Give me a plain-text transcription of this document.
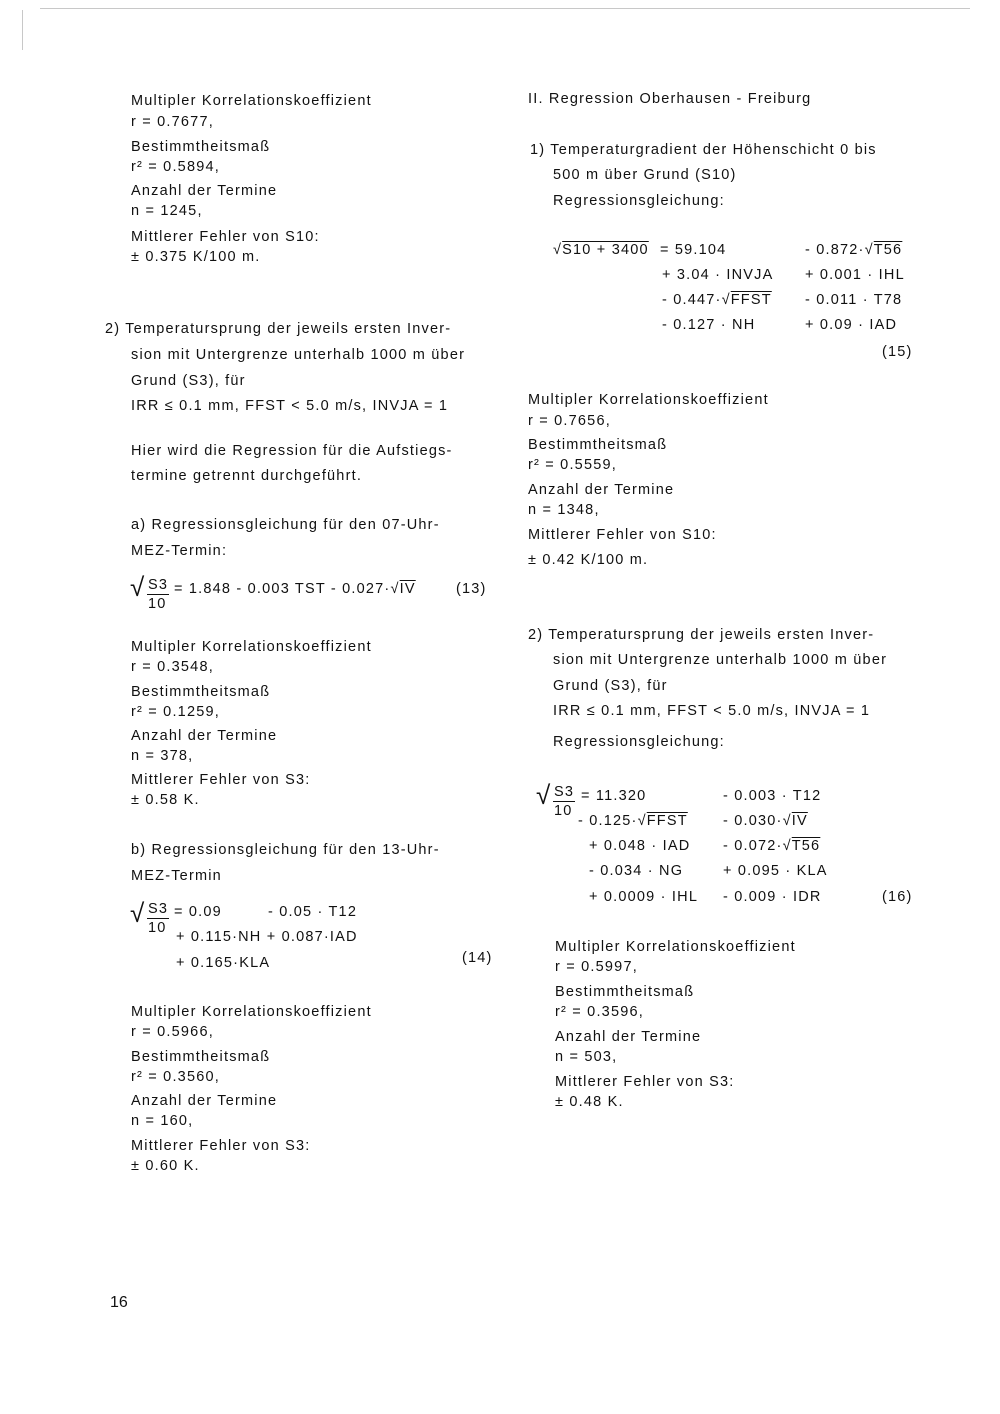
Multipler Korrelationskoeffizient
r = 0.7677,
Bestimmtheitsmaß
r² = 0.5894,
Anzahl der Termine
n = 1245,
Mittlerer Fehler von S10:
± 0.375 K/100 m.
2) Temperatursprung der jeweils ersten Inver-
sion mit Untergrenze unterhalb 1000 m über
Grund (S3), für
IRR ≤ 0.1 mm, FFST < 5.0 m/s, INVJA = 1
Hier wird die Regression für die Aufstiegs-
termine getrennt durchgeführt.
a) Regressionsgleichung für den 07-Uhr-
MEZ-Termin:
√
$\frac{S3}{10}$
= 1.848 - 0.003 TST - 0.027·√IV	(13)
Multipler Korrelationskoeffizient
r = 0.3548,
Bestimmtheitsmaß
r² = 0.1259,
Anzahl der Termine
n = 378,
Mittlerer Fehler von S3:
± 0.58 K.
b) Regressionsgleichung für den 13-Uhr-
MEZ-Termin
√
$\frac{S3}{10}$
= 0.09	- 0.05 · T12
+ 0.115·NH + 0.087·IAD
+ 0.165·KLA	(14)
Multipler Korrelationskoeffizient
r = 0.5966,
Bestimmtheitsmaß
r² = 0.3560,
Anzahl der Termine
n = 160,
Mittlerer Fehler von S3:
± 0.60 K.
16
II. Regression Oberhausen - Freiburg
1) Temperaturgradient der Höhenschicht 0 bis
500 m über Grund (S10)
Regressionsgleichung:
√S10 + 3400 = 59.104	- 0.872·√T56
+ 3.04 · INVJA + 0.001 · IHL
- 0.447·√FFST - 0.011 · T78
- 0.127 · NH	+ 0.09 · IAD
(15)
Multipler Korrelationskoeffizient
r = 0.7656,
Bestimmtheitsmaß
r² = 0.5559,
Anzahl der Termine
n = 1348,
Mittlerer Fehler von S10:
± 0.42 K/100 m.
2) Temperatursprung der jeweils ersten Inver-
sion mit Untergrenze unterhalb 1000 m über
Grund (S3), für
IRR ≤ 0.1 mm, FFST < 5.0 m/s, INVJA = 1
Regressionsgleichung:
√
$\frac{S3}{10}$
= 11.320	- 0.003 · T12
- 0.125·√FFST - 0.030·√IV
+ 0.048 · IAD - 0.072·√T56
- 0.034 · NG	+ 0.095 · KLA
+ 0.0009 · IHL - 0.009 · IDR	(16)
Multipler Korrelationskoeffizient
r = 0.5997,
Bestimmtheitsmaß
r² = 0.3596,
Anzahl der Termine
n = 503,
Mittlerer Fehler von S3:
± 0.48 K.
